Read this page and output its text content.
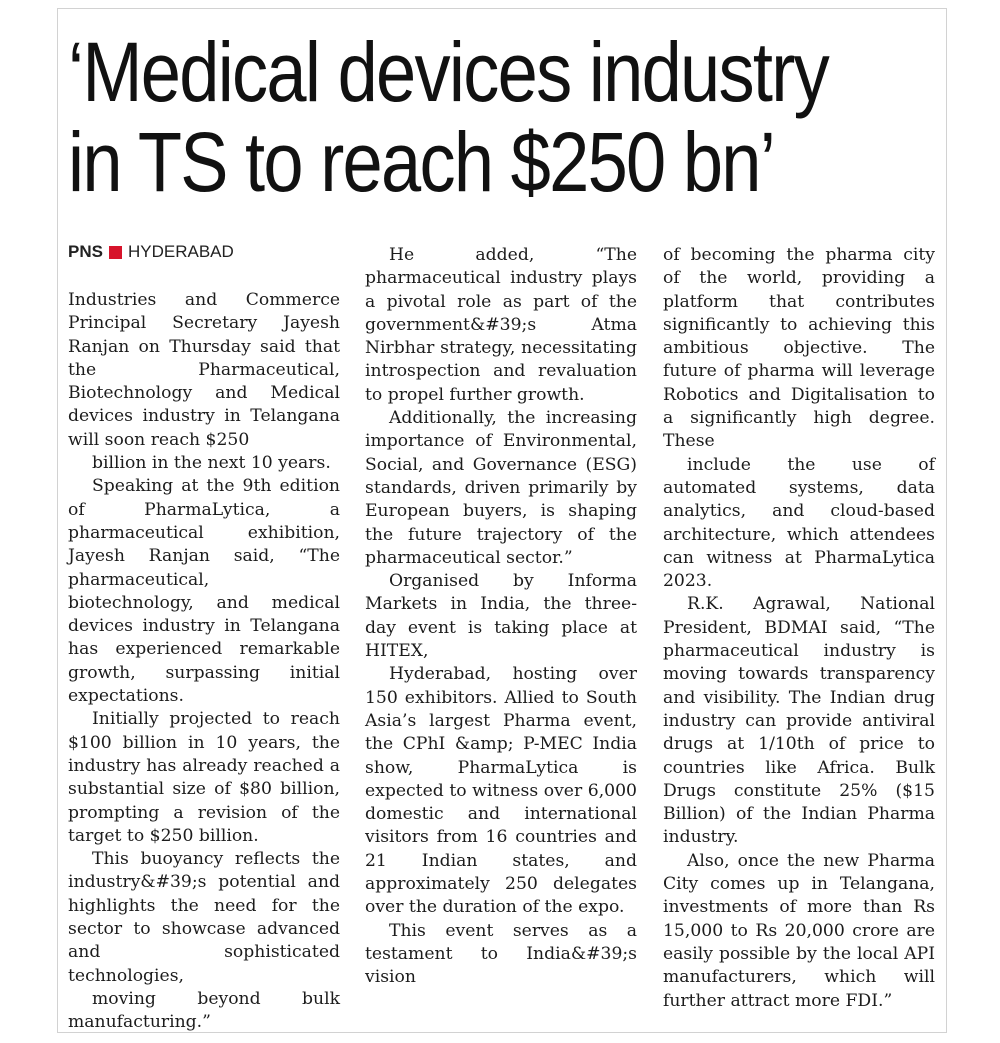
‘Medical devices industry
in TS to reach $250 bn’
PNS HYDERABAD

Industries and Commerce Principal Secretary Jayesh Ranjan on Thursday said that the Pharmaceutical, Biotechnology and Medical devices industry in Telangana will soon reach $250

billion in the next 10 years.

Speaking at the 9th edition of PharmaLytica, a pharmaceutical exhibition, Jayesh Ranjan said, “The pharmaceutical, biotechnology, and medical devices industry in Telangana has experienced remarkable growth, surpassing initial expectations.

Initially projected to reach $100 billion in 10 years, the industry has already reached a substantial size of $80 billion, prompting a revision of the target to $250 billion.

This buoyancy reflects the industry&#39;s potential and highlights the need for the sector to showcase advanced and sophisticated technologies,

moving beyond bulk manufacturing.”

He added, “The pharmaceutical industry plays a pivotal role as part of the government&#39;s Atma Nirbhar strategy, necessitating introspection and revaluation to propel further growth.

Additionally, the increasing importance of Environmental, Social, and Governance (ESG) standards, driven primarily by European buyers, is shaping the future trajectory of the pharmaceutical sector.”

Organised by Informa Markets in India, the three-day event is taking place at HITEX,

Hyderabad, hosting over 150 exhibitors. Allied to South Asia’s largest Pharma event, the CPhI &amp; P-MEC India show, PharmaLytica is expected to witness over 6,000 domestic and international visitors from 16 countries and 21 Indian states, and approximately 250 delegates over the duration of the expo.

This event serves as a testament to India&#39;s vision

of becoming the pharma city of the world, providing a platform that contributes significantly to achieving this ambitious objective. The future of pharma will leverage Robotics and Digitalisation to a significantly high degree. These

include the use of automated systems, data analytics, and cloud-based architecture, which attendees can witness at PharmaLytica 2023.

R.K. Agrawal, National President, BDMAI said, “The pharmaceutical industry is moving towards transparency and visibility. The Indian drug industry can provide antiviral drugs at 1/10th of price to countries like Africa. Bulk Drugs constitute 25% ($15 Billion) of the Indian Pharma industry.

Also, once the new Pharma City comes up in Telangana, investments of more than Rs 15,000 to Rs 20,000 crore are easily possible by the local API manufacturers, which will further attract more FDI.”
